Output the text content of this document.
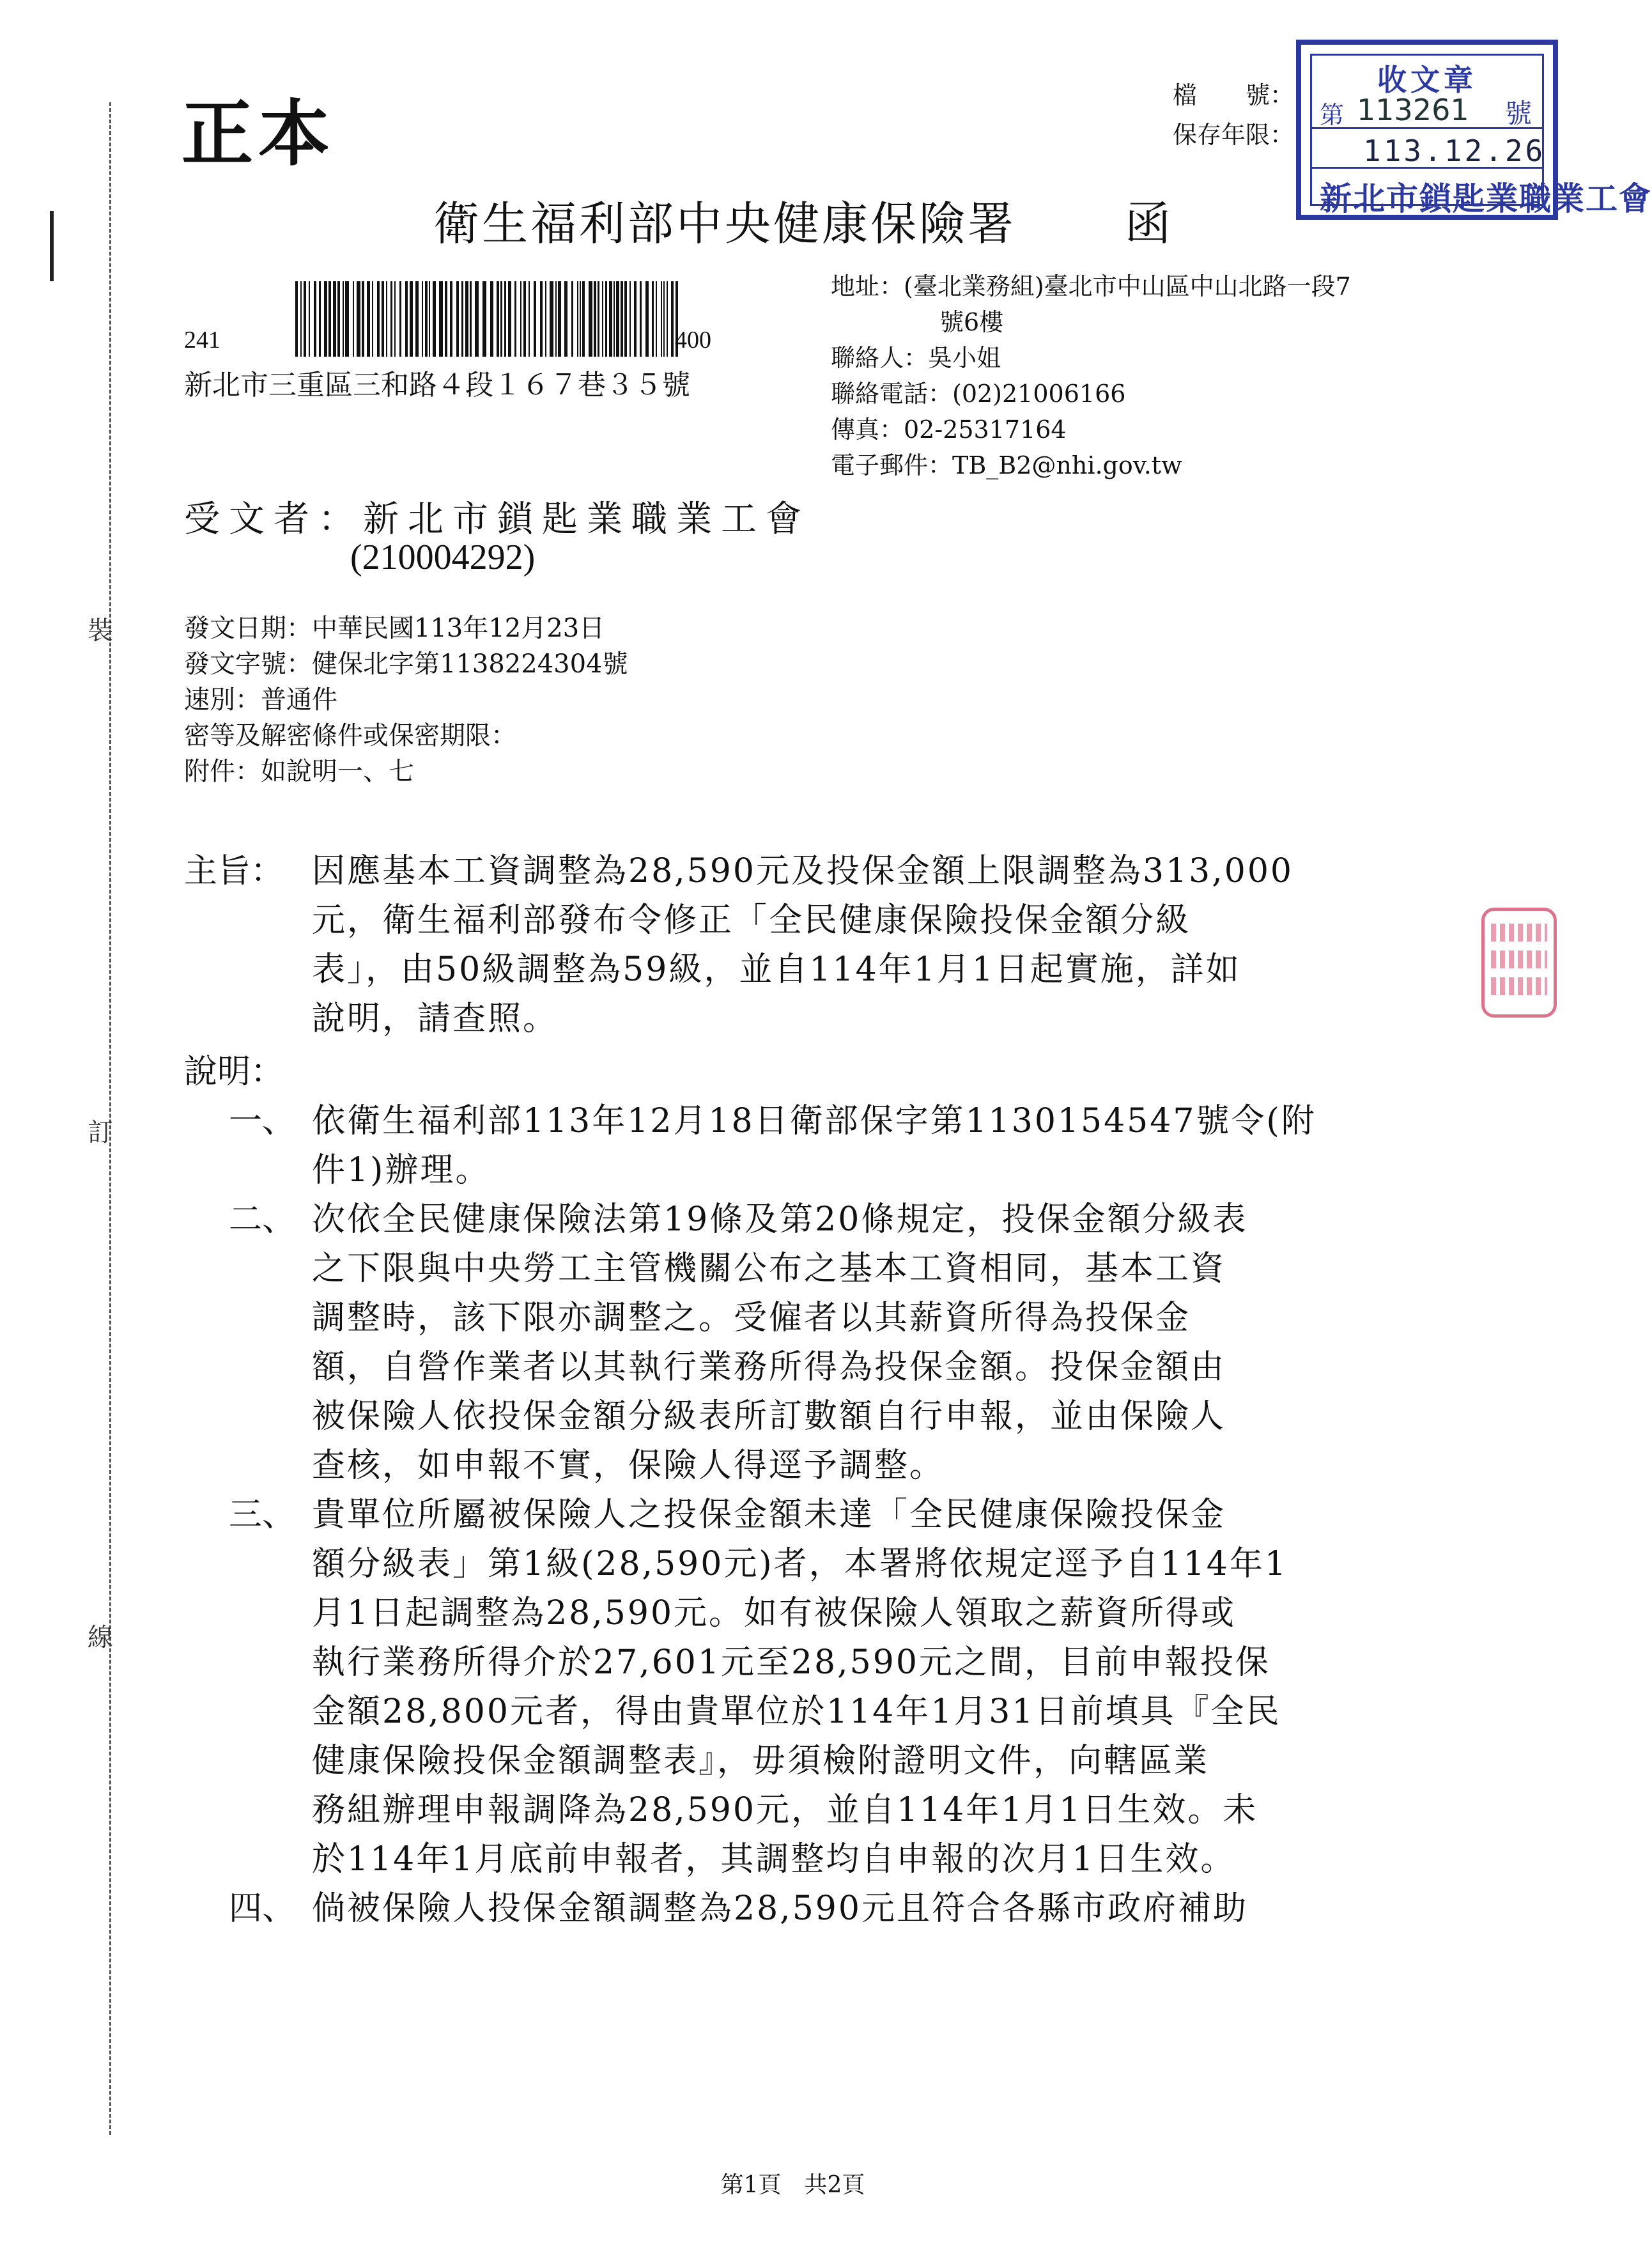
裝
訂
線
正本
衛生福利部中央健康保險署 函
檔　　號：
保存年限：
收文章
第 113261 號
113.12.26
新北市鎖匙業職業工會
241	400
新北市三重區三和路４段１６７巷３５號
地址：(臺北業務組)臺北市中山區中山北路一段7
號6樓
聯絡人：吳小姐
聯絡電話：(02)21006166
傳真：02-25317164
電子郵件：TB_B2@nhi.gov.tw
受文者：新北市鎖匙業職業工會
(210004292)
發文日期：中華民國113年12月23日
發文字號：健保北字第1138224304號
速別：普通件
密等及解密條件或保密期限：
附件：如說明一、七
主旨： 因應基本工資調整為28,590元及投保金額上限調整為313,000
元，衛生福利部發布令修正「全民健康保險投保金額分級
表」，由50級調整為59級，並自114年1月1日起實施，詳如
說明，請查照。
說明：
一、 依衛生福利部113年12月18日衛部保字第1130154547號令(附
件1)辦理。
二、 次依全民健康保險法第19條及第20條規定，投保金額分級表
之下限與中央勞工主管機關公布之基本工資相同，基本工資
調整時，該下限亦調整之。受僱者以其薪資所得為投保金
額，自營作業者以其執行業務所得為投保金額。投保金額由
被保險人依投保金額分級表所訂數額自行申報，並由保險人
查核，如申報不實，保險人得逕予調整。
三、 貴單位所屬被保險人之投保金額未達「全民健康保險投保金
額分級表」第1級(28,590元)者，本署將依規定逕予自114年1
月1日起調整為28,590元。如有被保險人領取之薪資所得或
執行業務所得介於27,601元至28,590元之間，目前申報投保
金額28,800元者，得由貴單位於114年1月31日前填具『全民
健康保險投保金額調整表』，毋須檢附證明文件，向轄區業
務組辦理申報調降為28,590元，並自114年1月1日生效。未
於114年1月底前申報者，其調整均自申報的次月1日生效。
四、 倘被保險人投保金額調整為28,590元且符合各縣市政府補助
第1頁　共2頁
